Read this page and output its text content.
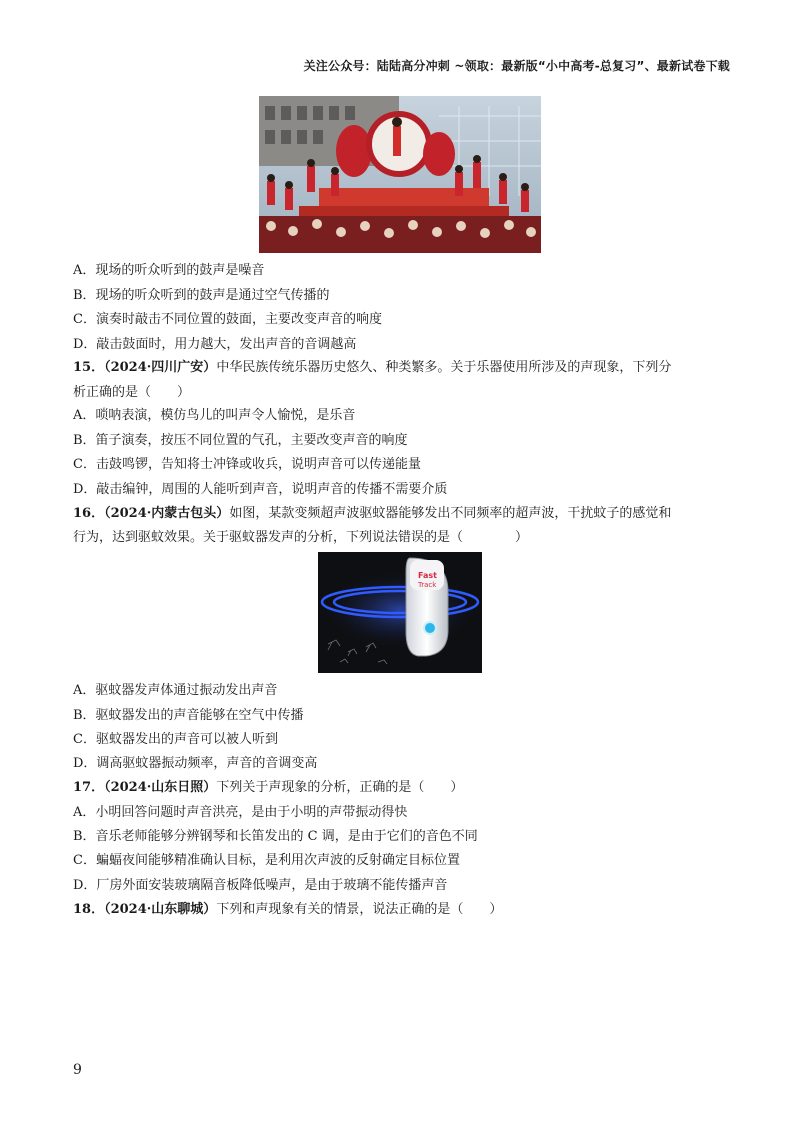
关注公众号：陆陆高分冲刺 ~领取：最新版“小中高考-总复习”、最新试卷下载
A．现场的听众听到的鼓声是噪音
B．现场的听众听到的鼓声是通过空气传播的
C．演奏时敲击不同位置的鼓面，主要改变声音的响度
D．敲击鼓面时，用力越大，发出声音的音调越高
15．（2024·四川广安）中华民族传统乐器历史悠久、种类繁多。关于乐器使用所涉及的声现象，下列分
析正确的是（　　）
A．唢呐表演，模仿鸟儿的叫声令人愉悦，是乐音
B．笛子演奏，按压不同位置的气孔，主要改变声音的响度
C．击鼓鸣锣，告知将士冲锋或收兵，说明声音可以传递能量
D．敲击编钟，周围的人能听到声音，说明声音的传播不需要介质
16．（2024·内蒙古包头）如图，某款变频超声波驱蚊器能够发出不同频率的超声波，干扰蚊子的感觉和
行为，达到驱蚊效果。关于驱蚊器发声的分析，下列说法错误的是（　　　　）
Fast
Track
A．驱蚊器发声体通过振动发出声音
B．驱蚊器发出的声音能够在空气中传播
C．驱蚊器发出的声音可以被人听到
D．调高驱蚊器振动频率，声音的音调变高
17．（2024·山东日照）下列关于声现象的分析，正确的是（　　）
A．小明回答问题时声音洪亮，是由于小明的声带振动得快
B．音乐老师能够分辨钢琴和长笛发出的 C 调，是由于它们的音色不同
C．蝙蝠夜间能够精准确认目标，是利用次声波的反射确定目标位置
D．厂房外面安装玻璃隔音板降低噪声，是由于玻璃不能传播声音
18．（2024·山东聊城）下列和声现象有关的情景，说法正确的是（　　）
9
